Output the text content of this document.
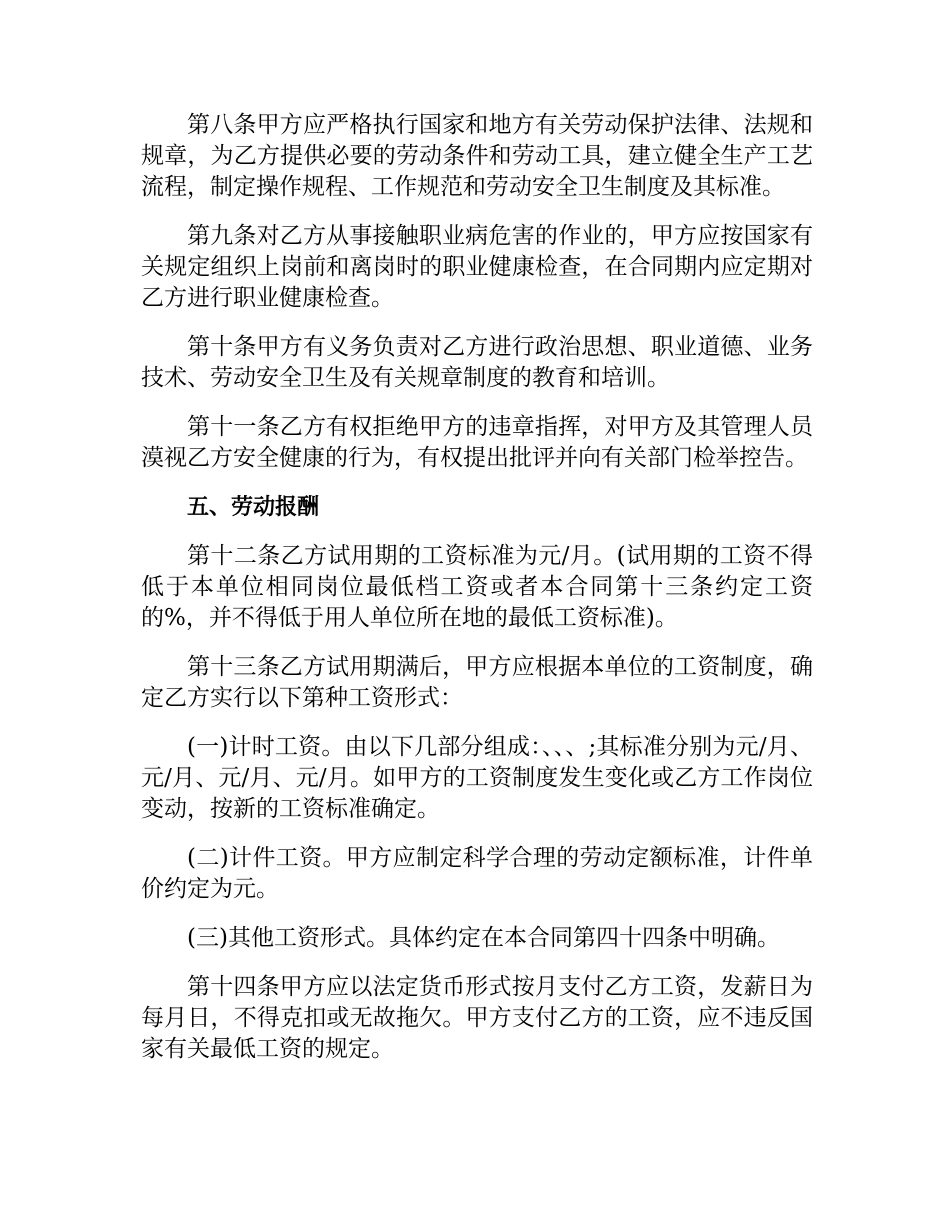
第八条甲方应严格执行国家和地方有关劳动保护法律、法规和规章，为乙方提供必要的劳动条件和劳动工具，建立健全生产工艺流程，制定操作规程、工作规范和劳动安全卫生制度及其标准。

第九条对乙方从事接触职业病危害的作业的，甲方应按国家有关规定组织上岗前和离岗时的职业健康检查，在合同期内应定期对乙方进行职业健康检查。

第十条甲方有义务负责对乙方进行政治思想、职业道德、业务技术、劳动安全卫生及有关规章制度的教育和培训。

第十一条乙方有权拒绝甲方的违章指挥，对甲方及其管理人员漠视乙方安全健康的行为，有权提出批评并向有关部门检举控告。

五、劳动报酬

第十二条乙方试用期的工资标准为元/月。(试用期的工资不得低于本单位相同岗位最低档工资或者本合同第十三条约定工资的%，并不得低于用人单位所在地的最低工资标准)。

第十三条乙方试用期满后，甲方应根据本单位的工资制度，确定乙方实行以下第种工资形式：

(一)计时工资。由以下几部分组成：、、、;其标准分别为元/月、元/月、元/月、元/月。如甲方的工资制度发生变化或乙方工作岗位变动，按新的工资标准确定。

(二)计件工资。甲方应制定科学合理的劳动定额标准，计件单价约定为元。

(三)其他工资形式。具体约定在本合同第四十四条中明确。

第十四条甲方应以法定货币形式按月支付乙方工资，发薪日为每月日，不得克扣或无故拖欠。甲方支付乙方的工资，应不违反国家有关最低工资的规定。
